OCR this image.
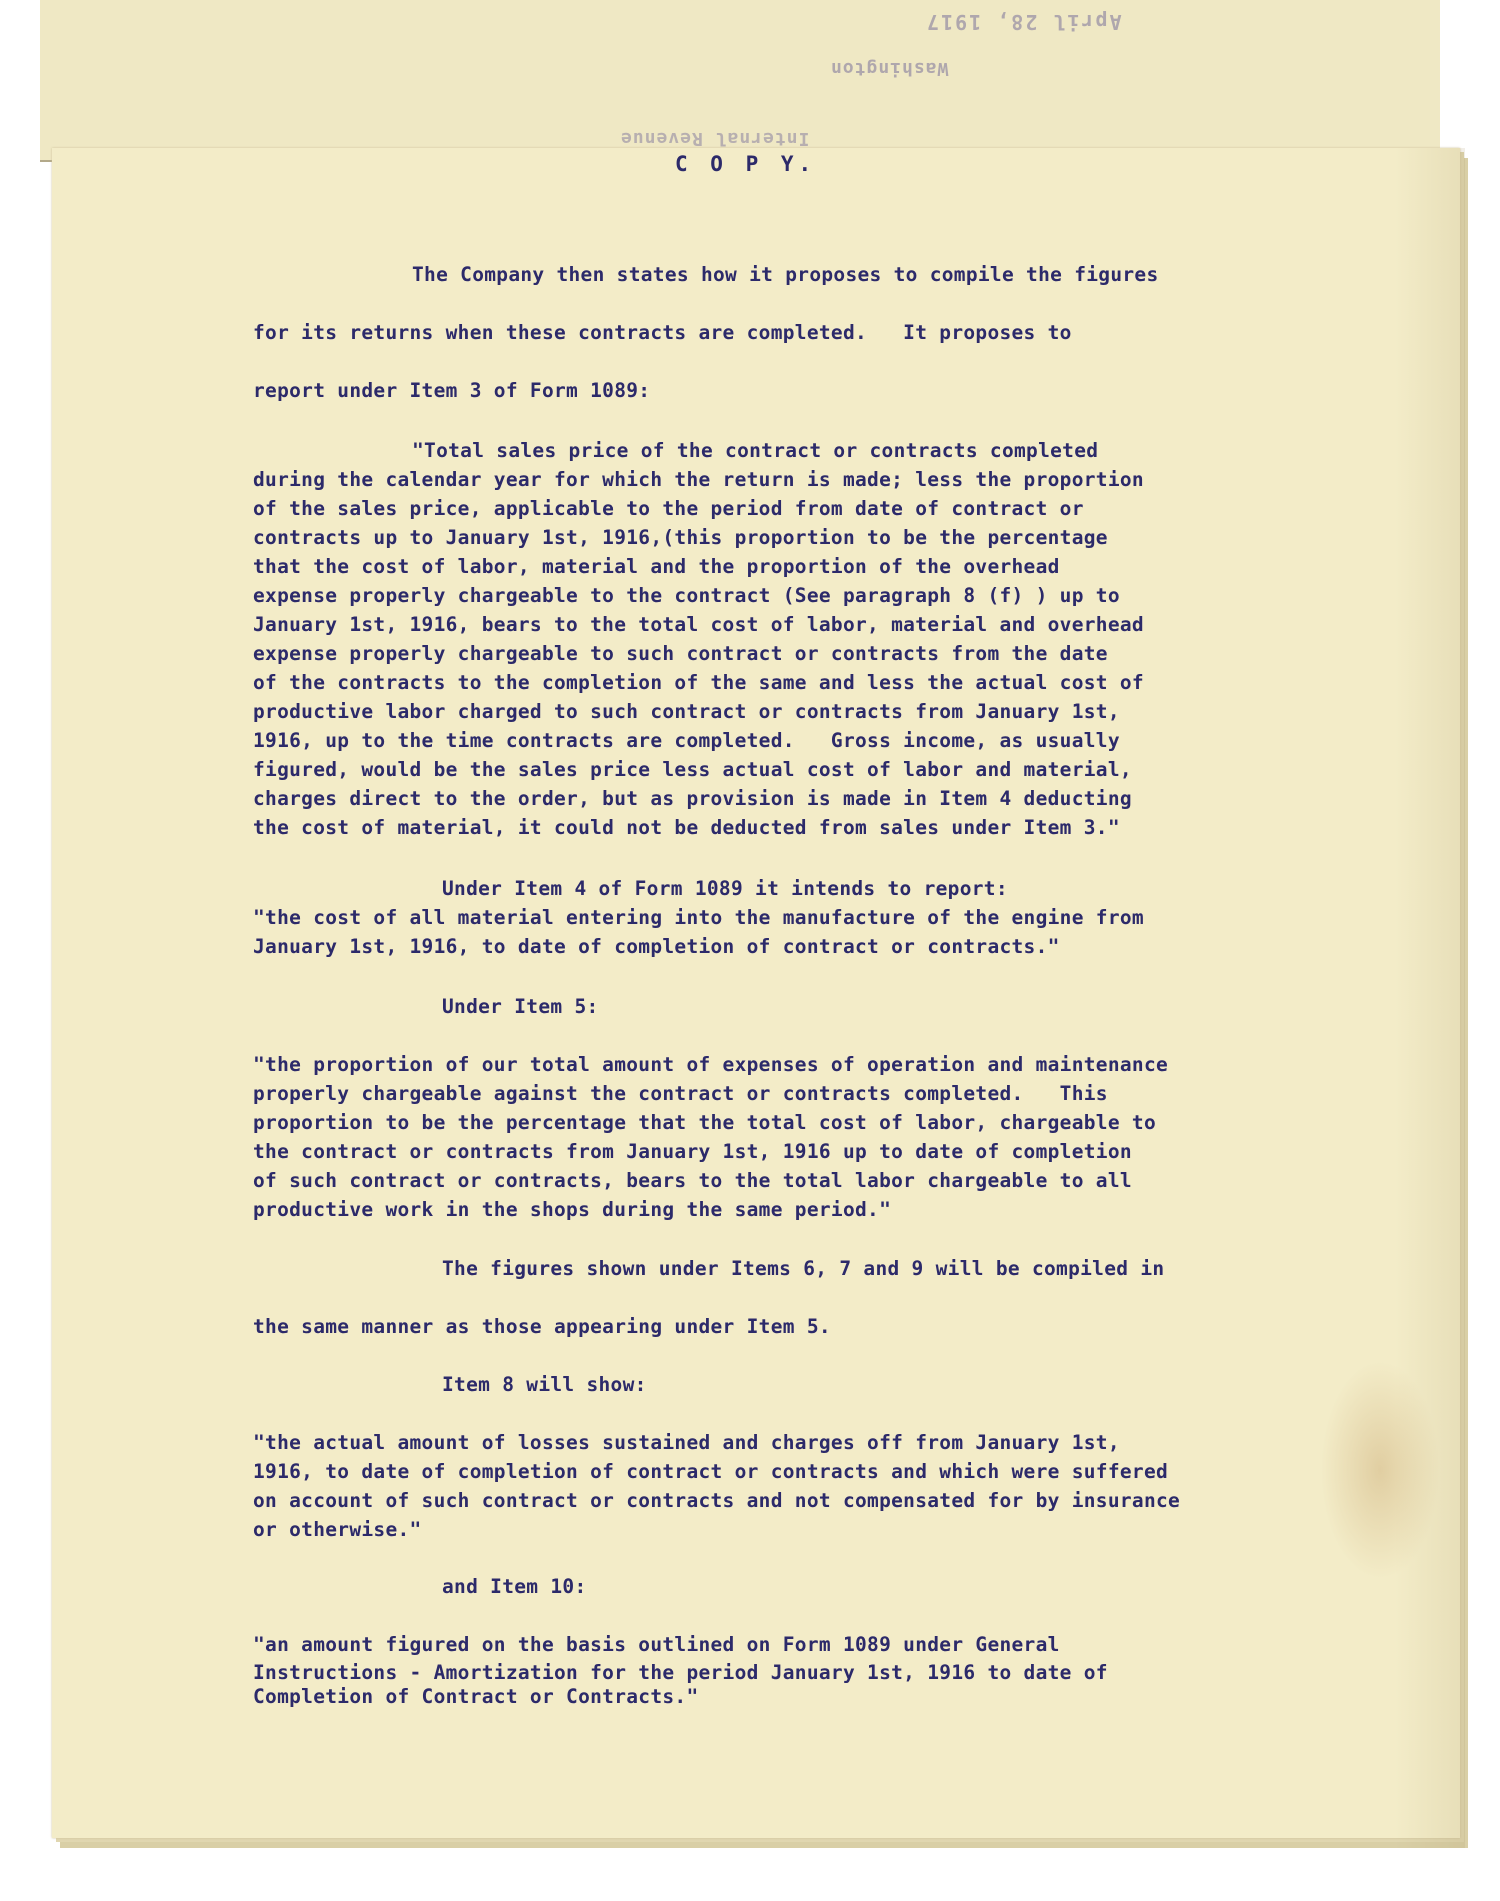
April 28, 1917
Washington
Internal Revenue
C O P Y.
The Company then states how it proposes to compile the figures
for its returns when these contracts are completed.   It proposes to
report under Item 3 of Form 1089:
"Total sales price of the contract or contracts completed
during the calendar year for which the return is made; less the proportion
of the sales price, applicable to the period from date of contract or
contracts up to January 1st, 1916,(this proportion to be the percentage
that the cost of labor, material and the proportion of the overhead
expense properly chargeable to the contract (See paragraph 8 (f) ) up to
January 1st, 1916, bears to the total cost of labor, material and overhead
expense properly chargeable to such contract or contracts from the date
of the contracts to the completion of the same and less the actual cost of
productive labor charged to such contract or contracts from January 1st,
1916, up to the time contracts are completed.   Gross income, as usually
figured, would be the sales price less actual cost of labor and material,
charges direct to the order, but as provision is made in Item 4 deducting
the cost of material, it could not be deducted from sales under Item 3."
Under Item 4 of Form 1089 it intends to report:
"the cost of all material entering into the manufacture of the engine from
January 1st, 1916, to date of completion of contract or contracts."
Under Item 5:
"the proportion of our total amount of expenses of operation and maintenance
properly chargeable against the contract or contracts completed.   This
proportion to be the percentage that the total cost of labor, chargeable to
the contract or contracts from January 1st, 1916 up to date of completion
of such contract or contracts, bears to the total labor chargeable to all
productive work in the shops during the same period."
The figures shown under Items 6, 7 and 9 will be compiled in
the same manner as those appearing under Item 5.
Item 8 will show:
"the actual amount of losses sustained and charges off from January 1st,
1916, to date of completion of contract or contracts and which were suffered
on account of such contract or contracts and not compensated for by insurance
or otherwise."
and Item 10:
"an amount figured on the basis outlined on Form 1089 under General
Instructions - Amortization for the period January 1st, 1916 to date of
Completion of Contract or Contracts."
